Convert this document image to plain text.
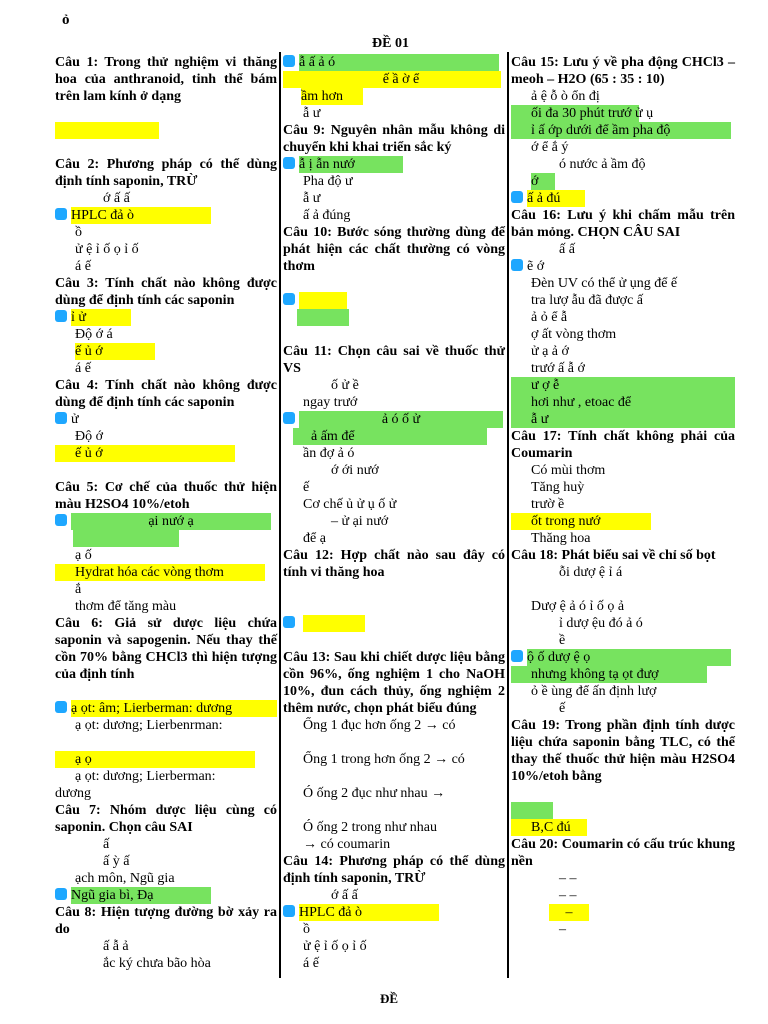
ỏ
ĐỀ 01
Câu 1: Trong thử nghiệm vi thăng hoa của anthranoid, tinh thể bám trên lam kính ở dạng
Câu 2: Phương pháp có thể dùng định tính saponin, TRỪ
ớ ấ ấ
HPLC đả ò
ồ
ử ệ ỉ ố ọ ỉ ố
á ế
Câu 3: Tính chất nào không được dùng để định tính các saponin
ỉ ử
Độ ớ á
ế ủ ớ
á ế
Câu 4: Tính chất nào không được dùng để định tính các saponin
ử
Độ ớ
ế ủ ớ
Câu 5: Cơ chế của thuốc thử hiện màu H2SO4 10%/etoh
ại nướ ạ
ạ ố
Hydrat hóa các vòng thơm
ắ
thơm để tăng màu
Câu 6: Giả sử dược liệu chứa saponin và sapogenin. Nếu thay thế cồn 70% bằng CHCl3 thì hiện tượng của định tính
ạ ọt: âm; Lierberman: dương
ạ ọt: dương; Lierbenrman:
ạ ọ
ạ ọt: dương; Lierberman:
dương
Câu 7: Nhóm dược liệu cùng có saponin. Chọn câu SAI
ấ
ấ ỳ ấ
ạch môn, Ngũ gia
Ngũ gia bì, Đạ
Câu 8: Hiện tượng đường bờ xảy ra do
ấ ẫ ả
ắc ký chưa bão hòa
ẫ ấ ả ó
ế ầ ờ ể
ầm hơn
ẫ ư
Câu 9: Nguyên nhân mẫu không di chuyển khi khai triển sắc ký
ẫ ị ẫn nướ
Pha độ ư
ẫ ư
ấ ả đúng
Câu 10: Bước sóng thường dùng để phát hiện các chất thường có vòng thơm
Câu 11: Chọn câu sai về thuốc thử VS
ố ử ề
ngay trướ
ả ó ố ử
ả ấm để
ần đợ ả ó
ớ ới nướ
ế
Cơ chế ủ ử ụ ố ử
– ử ại nướ
để ạ
Câu 12: Hợp chất nào sau đây có tính vi thăng hoa
Câu 13: Sau khi chiết dược liệu bằng cồn 96%, ống nghiệm 1 cho NaOH 10%, đun cách thủy, ống nghiệm 2 thêm nước, chọn phát biểu đúng
Ống 1 đục hơn ống 2 → có
Ống 1 trong hơn ống 2 → có
Ó ống 2 đục như nhau →
Ó ống 2 trong như nhau
→ có coumarin
Câu 14: Phương pháp có thể dùng định tính saponin, TRỪ
ớ ấ ấ
HPLC đả ò
ồ
ử ệ ỉ ố ọ ỉ ố
á ế
Câu 15: Lưu ý về pha động CHCl3 – meoh – H2O (65 : 35 : 10)
ả ệ ỗ ò ổn đị
ối đa 30 phút trướ ử ụ
ỉ ấ ớp dưới để ầm pha độ
ớ ể ắ ý
ó nước ả ầm độ
ớ
ấ ả đú
Câu 16: Lưu ý khi chấm mẫu trên bản mỏng. CHỌN CÂU SAI
ấ ấ
ẽ ớ
Đèn UV có thể ử ụng để ế
tra lượ ẫu đã được ấ
ả ỏ ể ẫ
ợ ất vòng thơm
ử ạ ả ớ
trướ ấ ẫ ớ
ư ợ ễ
hơi như , etoac để
ẫ ư
Câu 17: Tính chất không phải của Coumarin
Có mùi thơm
Tăng huỳ
trườ ề
ốt trong nướ
Thăng hoa
Câu 18: Phát biểu sai về chỉ số bọt
ỗi dượ ệ ỉ á
Dượ ệ ả ó ỉ ố ọ ả
ỉ dượ ệu đó ả ó
ề
ộ ố dượ ệ ọ
nhưng không tạ ọt đượ
ỏ ề ùng để ấn định lượ
ế
Câu 19: Trong phần định tính dược liệu chứa saponin bằng TLC, có thể thay thế thuốc thử hiện màu H2SO4 10%/etoh bằng
B,C đú
Câu 20: Coumarin có cấu trúc khung nền
– –
– –
–
–
ĐỀ
